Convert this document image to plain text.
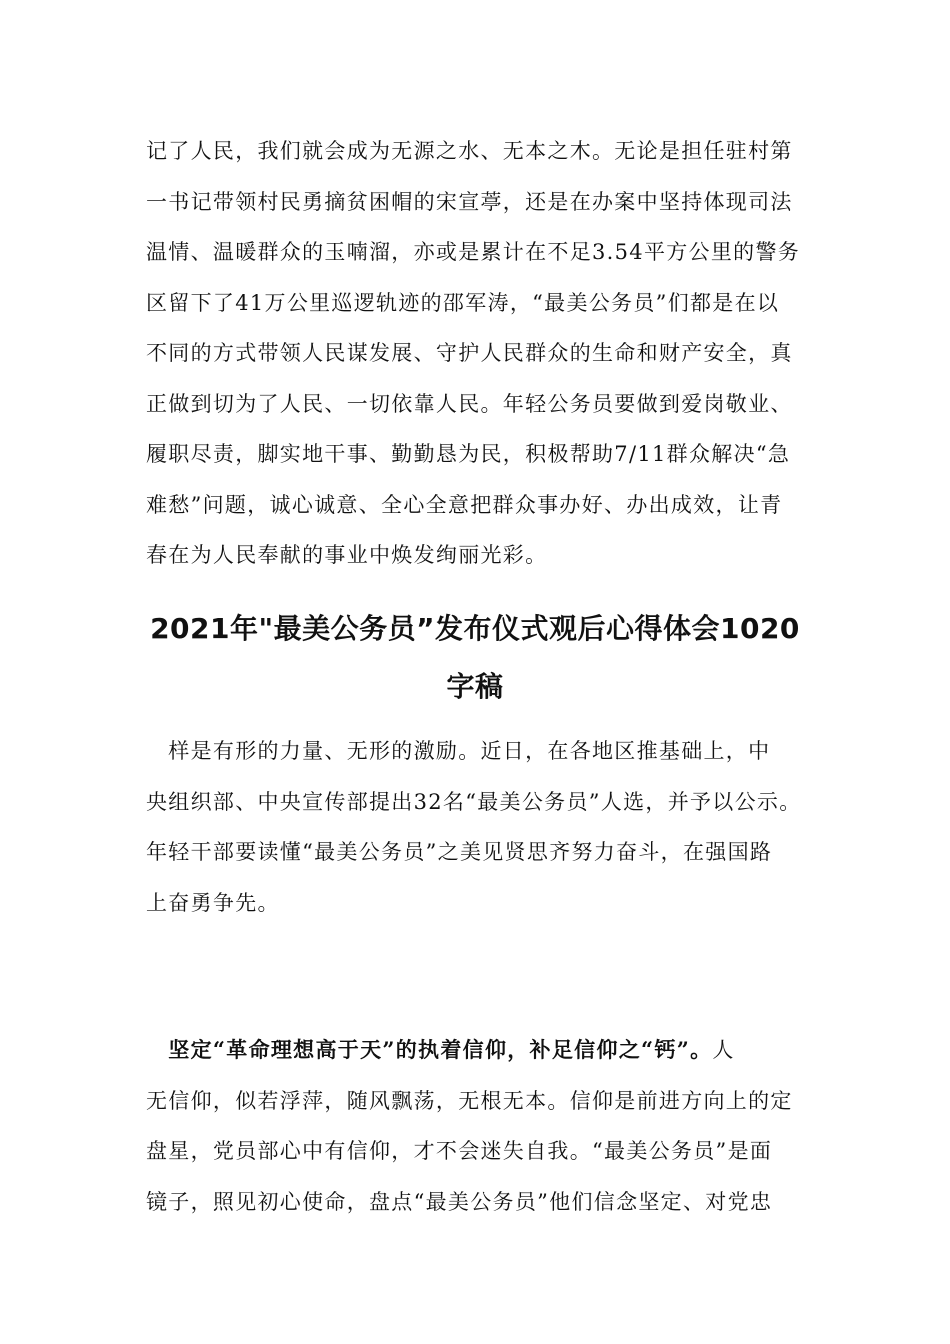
记了人民，我们就会成为无源之水、无本之木。无论是担任驻村第
一书记带领村民勇摘贫困帽的宋宣葶，还是在办案中坚持体现司法
温情、温暖群众的玉喃溜，亦或是累计在不足3.54平方公里的警务
区留下了41万公里巡逻轨迹的邵军涛，“最美公务员”们都是在以
不同的方式带领人民谋发展、守护人民群众的生命和财产安全，真
正做到切为了人民、一切依靠人民。年轻公务员要做到爱岗敬业、
履职尽责，脚实地干事、勤勤恳为民，积极帮助7/11群众解决“急
难愁”问题，诚心诚意、全心全意把群众事办好、办出成效，让青
春在为人民奉献的事业中焕发绚丽光彩。
2021年"最美公务员”发布仪式观后心得体会1020
字稿
　样是有形的力量、无形的激励。近日，在各地区推基础上，中
央组织部、中央宣传部提出32名“最美公务员”人选，并予以公示。
年轻干部要读懂“最美公务员”之美见贤思齐努力奋斗，在强国路
上奋勇争先。
　坚定“革命理想高于天”的执着信仰，补足信仰之“钙”。人
无信仰，似若浮萍，随风飘荡，无根无本。信仰是前进方向上的定
盘星，党员部心中有信仰，才不会迷失自我。“最美公务员”是面
镜子，照见初心使命，盘点“最美公务员”他们信念坚定、对党忠
